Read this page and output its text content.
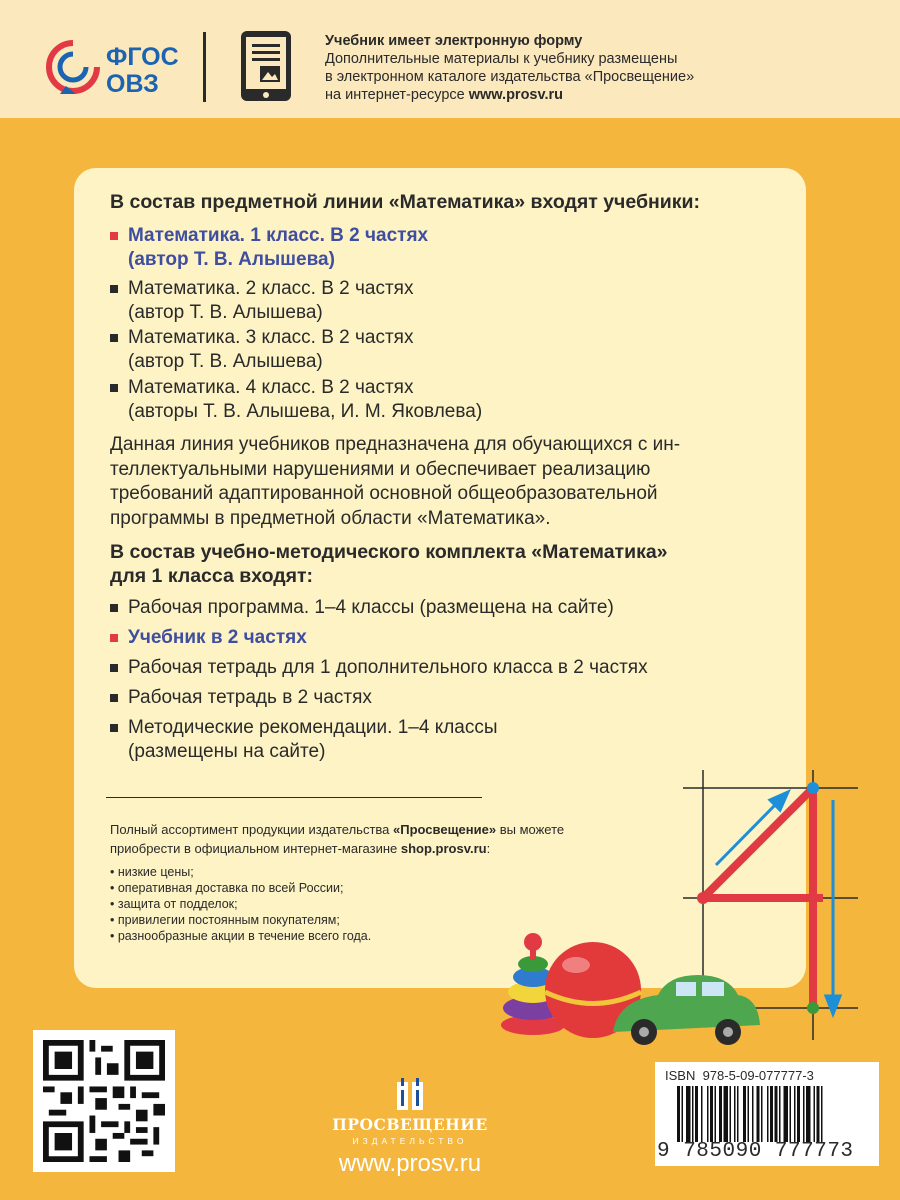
ФГОС
ОВЗ
Учебник имеет электронную форму
Дополнительные материалы к учебнику размещены
в электронном каталоге издательства «Просвещение»
на интернет-ресурсе www.prosv.ru
В состав предметной линии «Математика» входят учебники:
Математика. 1 класс. В 2 частях
(автор Т. В. Алышева)
Математика. 2 класс. В 2 частях
(автор Т. В. Алышева)
Математика. 3 класс. В 2 частях
(автор Т. В. Алышева)
Математика. 4 класс. В 2 частях
(авторы Т. В. Алышева, И. М. Яковлева)
Данная линия учебников предназначена для обучающихся с ин-
теллектуальными нарушениями и обеспечивает реализацию
требований адаптированной основной общеобразовательной
программы в предметной области «Математика».
В состав учебно-методического комплекта «Математика»
для 1 класса входят:
Рабочая программа. 1–4 классы (размещена на сайте)
Учебник в 2 частях
Рабочая тетрадь для 1 дополнительного класса в 2 частях
Рабочая тетрадь в 2 частях
Методические рекомендации. 1–4 классы
(размещены на сайте)
Полный ассортимент продукции издательства «Просвещение» вы можете
приобрести в официальном интернет-магазине shop.prosv.ru:
• низкие цены;
• оперативная доставка по всей России;
• защита от подделок;
• привилегии постоянным покупателям;
• разнообразные акции в течение всего года.
ПРОСВЕЩЕНИЕ
ИЗДАТЕЛЬСТВО
www.prosv.ru
ISBN  978-5-09-077777-3
9 785090 777773
